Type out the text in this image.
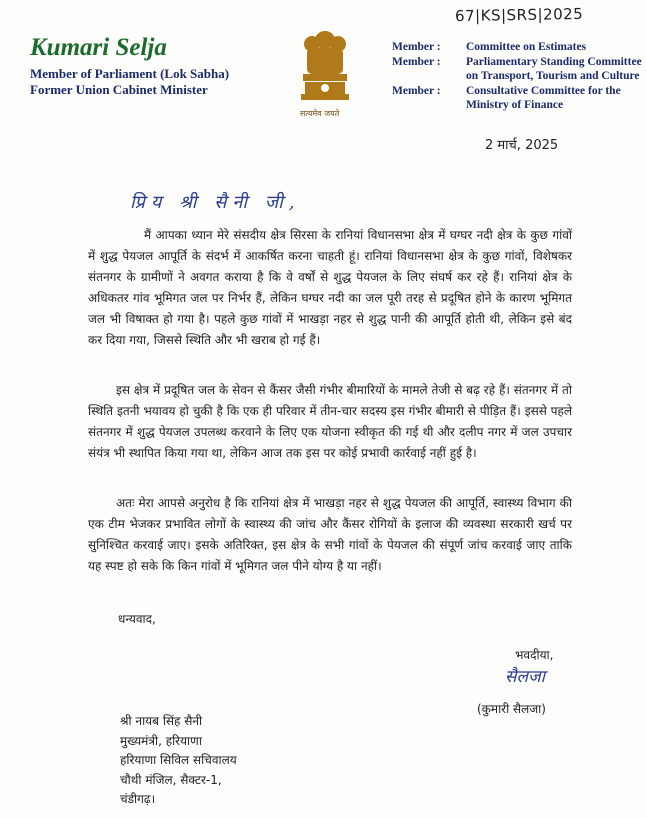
67|KS|SRS|2025
Kumari Selja
Member of Parliament (Lok Sabha)
Former Union Cabinet Minister
सत्यमेव जयते
Member :	Committee on Estimates
Member :	Parliamentary Standing Committee on Transport, Tourism and Culture
Member :	Consultative Committee for the Ministry of Finance
2 मार्च, 2025
प्रिय श्री सैनी जी,
मैं आपका ध्यान मेरे संसदीय क्षेत्र सिरसा के रानियां विधानसभा क्षेत्र में घग्घर नदी क्षेत्र के कुछ गांवों में शुद्ध पेयजल आपूर्ति के संदर्भ में आकर्षित करना चाहती हूं। रानियां विधानसभा क्षेत्र के कुछ गांवों, विशेषकर संतनगर के ग्रामीणों ने अवगत कराया है कि वे वर्षों से शुद्ध पेयजल के लिए संघर्ष कर रहे हैं। रानियां क्षेत्र के अधिकतर गांव भूमिगत जल पर निर्भर हैं, लेकिन घग्घर नदी का जल पूरी तरह से प्रदूषित होने के कारण भूमिगत जल भी विषाक्त हो गया है। पहले कुछ गांवों में भाखड़ा नहर से शुद्ध पानी की आपूर्ति होती थी, लेकिन इसे बंद कर दिया गया, जिससे स्थिति और भी खराब हो गई हैं।
इस क्षेत्र में प्रदूषित जल के सेवन से कैंसर जैसी गंभीर बीमारियों के मामले तेजी से बढ़ रहे हैं। संतनगर में तो स्थिति इतनी भयावय हो चुकी है कि एक ही परिवार में तीन-चार सदस्य इस गंभीर बीमारी से पीड़ित हैं। इससे पहले संतनगर में शुद्ध पेयजल उपलब्ध करवाने के लिए एक योजना स्वीकृत की गई थी और दलीप नगर में जल उपचार संयंत्र भी स्थापित किया गया था, लेकिन आज तक इस पर कोई प्रभावी कार्रवाई नहीं हुई है।
अतः मेरा आपसे अनुरोध है कि रानियां क्षेत्र में भाखड़ा नहर से शुद्ध पेयजल की आपूर्ति, स्वास्थ्य विभाग की एक टीम भेजकर प्रभावित लोगों के स्वास्थ्य की जांच और कैंसर रोगियों के इलाज की व्यवस्था सरकारी खर्च पर सुनिश्चित करवाई जाए। इसके अतिरिक्त, इस क्षेत्र के सभी गांवों के पेयजल की संपूर्ण जांच करवाई जाए ताकि यह स्पष्ट हो सके कि किन गांवों में भूमिगत जल पीने योग्य है या नहीं।
धन्यवाद,
भवदीया,
सैलजा
(कुमारी सैलजा)
श्री नायब सिंह सैनी
मुख्यमंत्री, हरियाणा
हरियाणा सिविल सचिवालय
चौथी मंजिल, सैक्टर-1,
चंडीगढ़।
